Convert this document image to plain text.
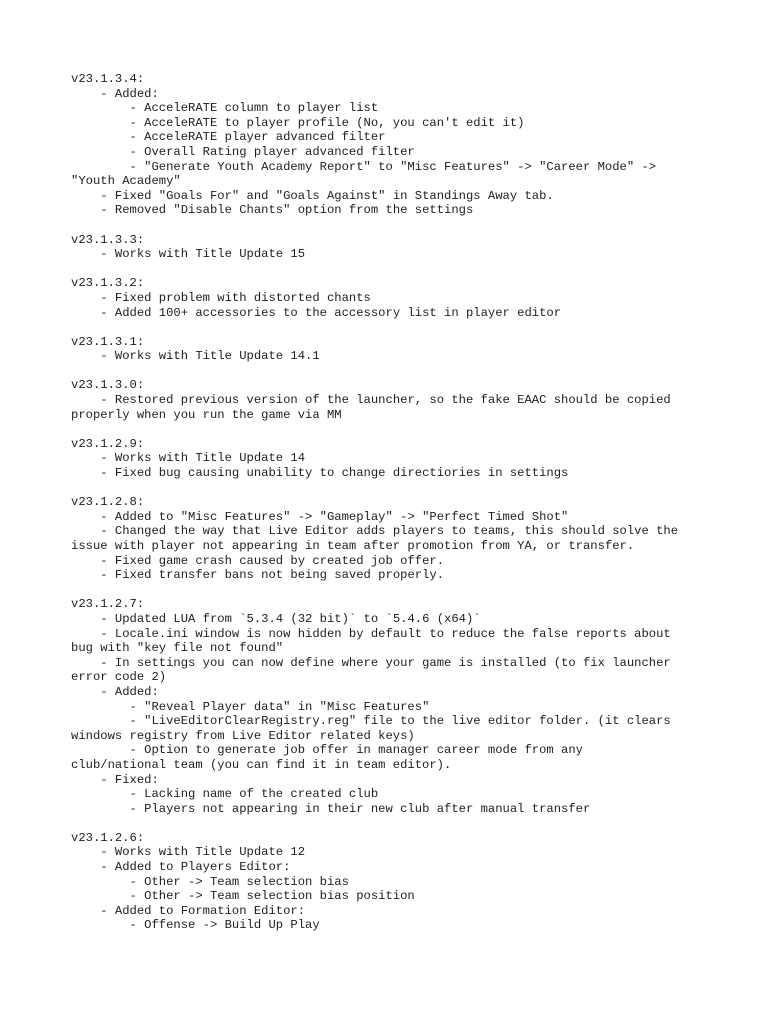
v23.1.3.4:
- Added:
- AcceleRATE column to player list
- AcceleRATE to player profile (No, you can't edit it)
- AcceleRATE player advanced filter
- Overall Rating player advanced filter
- "Generate Youth Academy Report" to "Misc Features" -> "Career Mode" ->
"Youth Academy"
- Fixed "Goals For" and "Goals Against" in Standings Away tab.
- Removed "Disable Chants" option from the settings
v23.1.3.3:
- Works with Title Update 15
v23.1.3.2:
- Fixed problem with distorted chants
- Added 100+ accessories to the accessory list in player editor
v23.1.3.1:
- Works with Title Update 14.1
v23.1.3.0:
- Restored previous version of the launcher, so the fake EAAC should be copied
properly when you run the game via MM
v23.1.2.9:
- Works with Title Update 14
- Fixed bug causing unability to change directiories in settings
v23.1.2.8:
- Added to "Misc Features" -> "Gameplay" -> "Perfect Timed Shot"
- Changed the way that Live Editor adds players to teams, this should solve the
issue with player not appearing in team after promotion from YA, or transfer.
- Fixed game crash caused by created job offer.
- Fixed transfer bans not being saved properly.
v23.1.2.7:
- Updated LUA from `5.3.4 (32 bit)` to `5.4.6 (x64)`
- Locale.ini window is now hidden by default to reduce the false reports about
bug with "key file not found"
- In settings you can now define where your game is installed (to fix launcher
error code 2)
- Added:
- "Reveal Player data" in "Misc Features"
- "LiveEditorClearRegistry.reg" file to the live editor folder. (it clears
windows registry from Live Editor related keys)
- Option to generate job offer in manager career mode from any
club/national team (you can find it in team editor).
- Fixed:
- Lacking name of the created club
- Players not appearing in their new club after manual transfer
v23.1.2.6:
- Works with Title Update 12
- Added to Players Editor:
- Other -> Team selection bias
- Other -> Team selection bias position
- Added to Formation Editor:
- Offense -> Build Up Play
